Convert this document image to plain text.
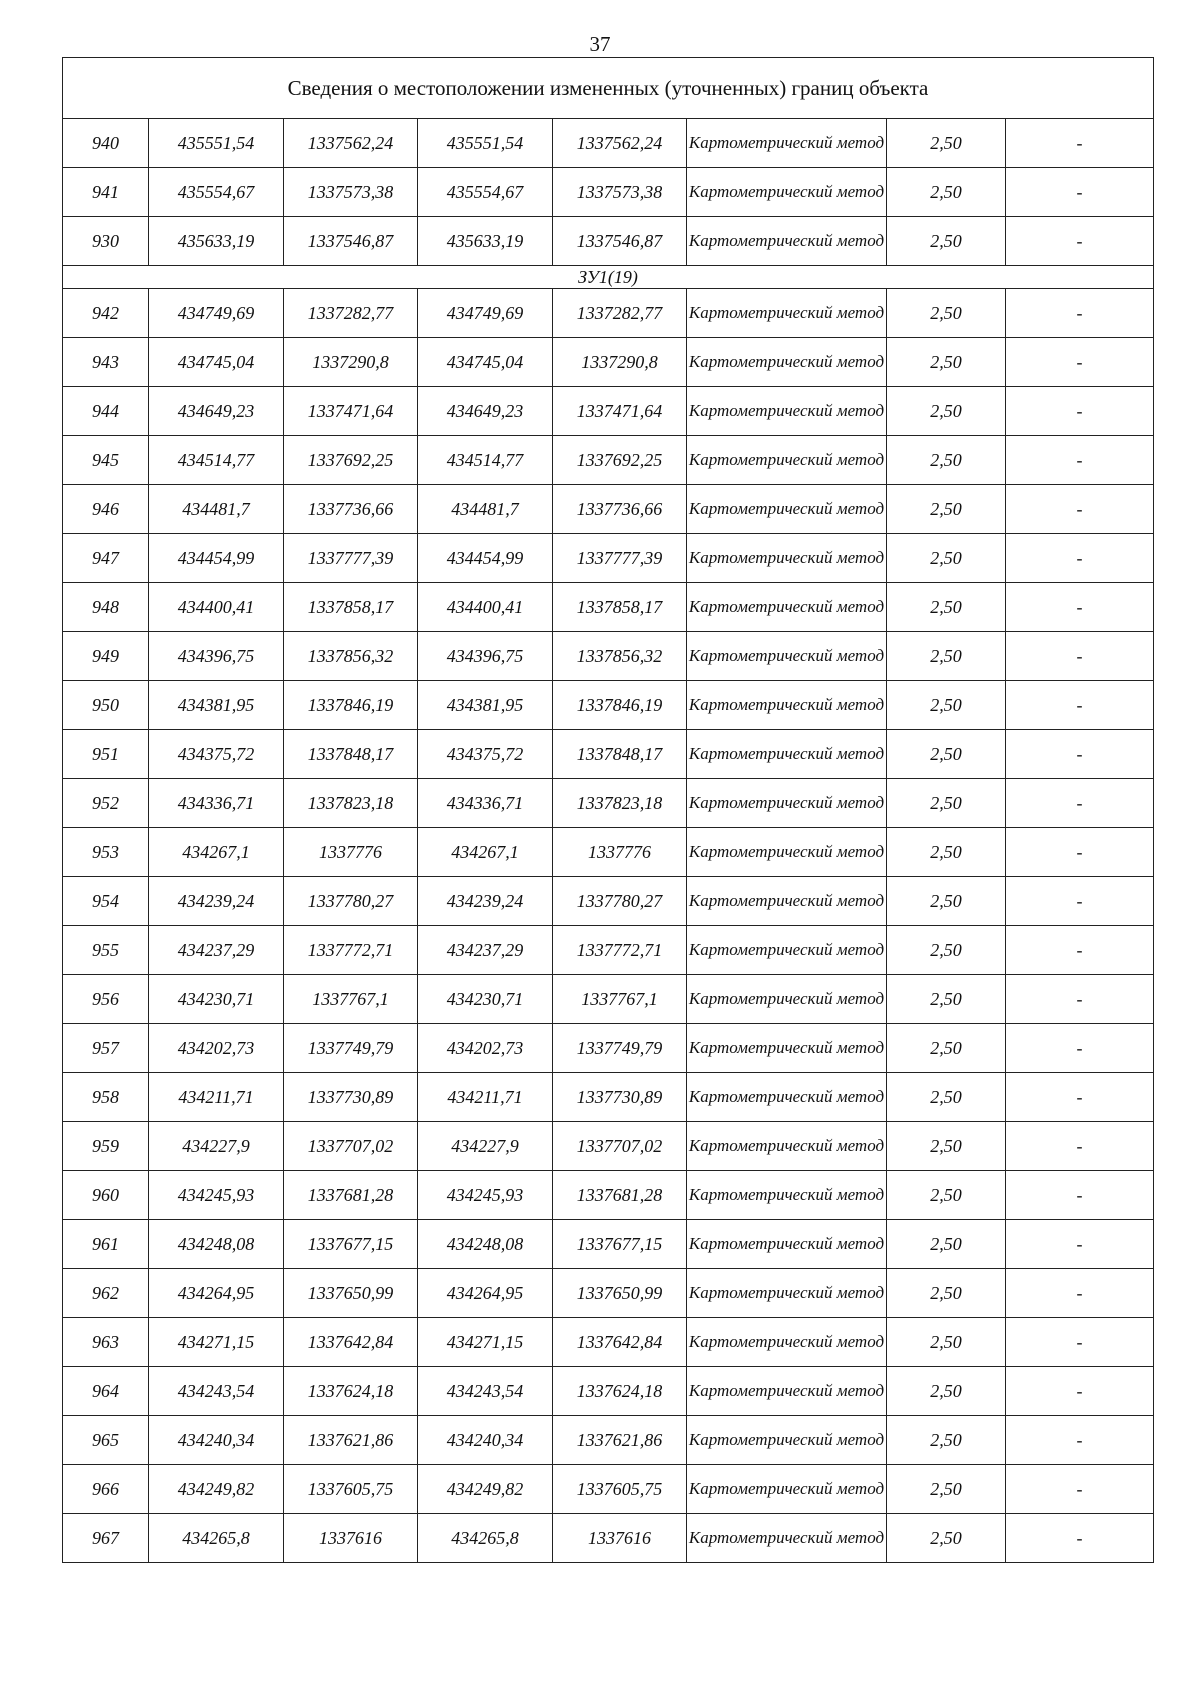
37
Сведения о местоположении измененных (уточненных) границ объекта							
940	435551,54	1337562,24	435551,54	1337562,24	Картометрический метод	2,50	-
941	435554,67	1337573,38	435554,67	1337573,38	Картометрический метод	2,50	-
930	435633,19	1337546,87	435633,19	1337546,87	Картометрический метод	2,50	-
ЗУ1(19)							
942	434749,69	1337282,77	434749,69	1337282,77	Картометрический метод	2,50	-
943	434745,04	1337290,8	434745,04	1337290,8	Картометрический метод	2,50	-
944	434649,23	1337471,64	434649,23	1337471,64	Картометрический метод	2,50	-
945	434514,77	1337692,25	434514,77	1337692,25	Картометрический метод	2,50	-
946	434481,7	1337736,66	434481,7	1337736,66	Картометрический метод	2,50	-
947	434454,99	1337777,39	434454,99	1337777,39	Картометрический метод	2,50	-
948	434400,41	1337858,17	434400,41	1337858,17	Картометрический метод	2,50	-
949	434396,75	1337856,32	434396,75	1337856,32	Картометрический метод	2,50	-
950	434381,95	1337846,19	434381,95	1337846,19	Картометрический метод	2,50	-
951	434375,72	1337848,17	434375,72	1337848,17	Картометрический метод	2,50	-
952	434336,71	1337823,18	434336,71	1337823,18	Картометрический метод	2,50	-
953	434267,1	1337776	434267,1	1337776	Картометрический метод	2,50	-
954	434239,24	1337780,27	434239,24	1337780,27	Картометрический метод	2,50	-
955	434237,29	1337772,71	434237,29	1337772,71	Картометрический метод	2,50	-
956	434230,71	1337767,1	434230,71	1337767,1	Картометрический метод	2,50	-
957	434202,73	1337749,79	434202,73	1337749,79	Картометрический метод	2,50	-
958	434211,71	1337730,89	434211,71	1337730,89	Картометрический метод	2,50	-
959	434227,9	1337707,02	434227,9	1337707,02	Картометрический метод	2,50	-
960	434245,93	1337681,28	434245,93	1337681,28	Картометрический метод	2,50	-
961	434248,08	1337677,15	434248,08	1337677,15	Картометрический метод	2,50	-
962	434264,95	1337650,99	434264,95	1337650,99	Картометрический метод	2,50	-
963	434271,15	1337642,84	434271,15	1337642,84	Картометрический метод	2,50	-
964	434243,54	1337624,18	434243,54	1337624,18	Картометрический метод	2,50	-
965	434240,34	1337621,86	434240,34	1337621,86	Картометрический метод	2,50	-
966	434249,82	1337605,75	434249,82	1337605,75	Картометрический метод	2,50	-
967	434265,8	1337616	434265,8	1337616	Картометрический метод	2,50	-
